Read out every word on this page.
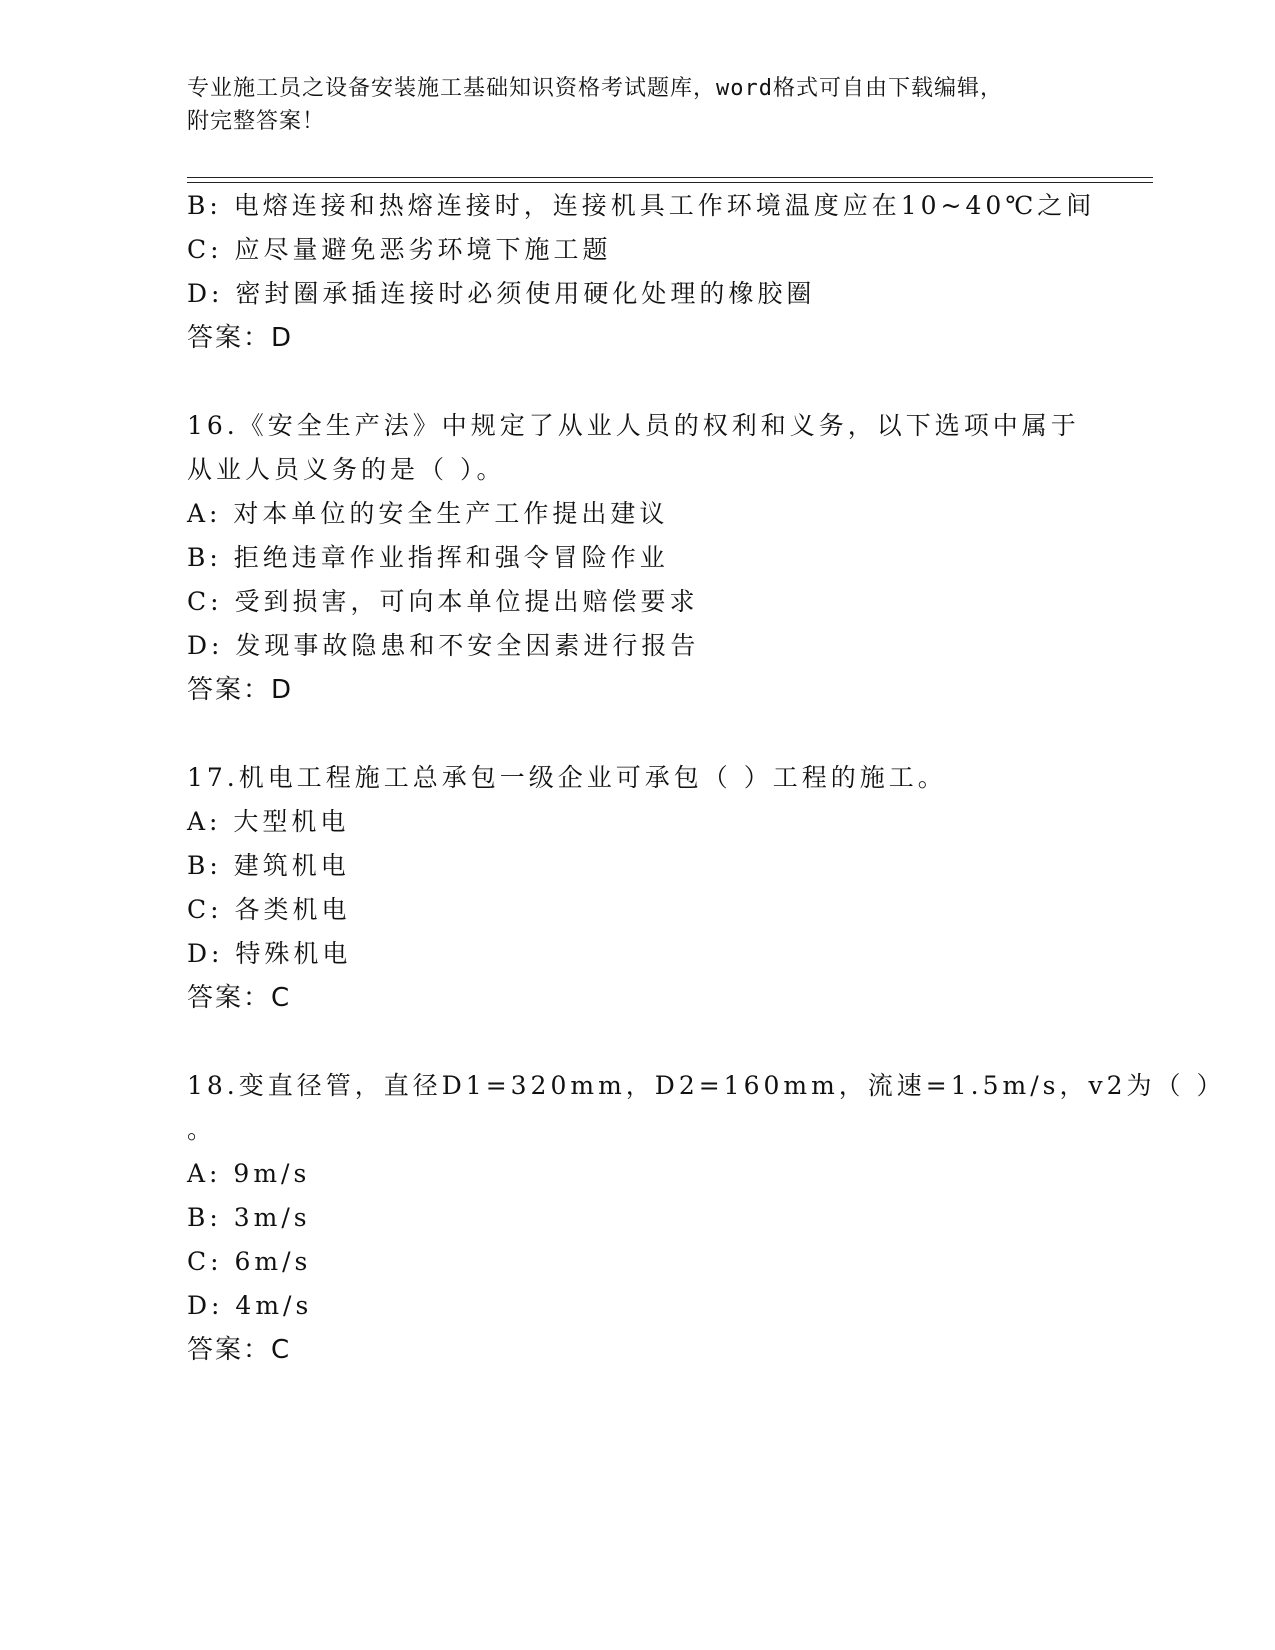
专业施工员之设备安装施工基础知识资格考试题库，word格式可自由下载编辑，
附完整答案！
B: 电熔连接和热熔连接时，连接机具工作环境温度应在10~40℃之间
C: 应尽量避免恶劣环境下施工题
D: 密封圈承插连接时必须使用硬化处理的橡胶圈
答案：D
16.《安全生产法》中规定了从业人员的权利和义务，以下选项中属于
从业人员义务的是（ ）。
A: 对本单位的安全生产工作提出建议
B: 拒绝违章作业指挥和强令冒险作业
C: 受到损害，可向本单位提出赔偿要求
D: 发现事故隐患和不安全因素进行报告
答案：D
17.机电工程施工总承包一级企业可承包（ ）工程的施工。
A: 大型机电
B: 建筑机电
C: 各类机电
D: 特殊机电
答案：C
18.变直径管，直径D1=320mm，D2=160mm，流速=1.5m/s，v2为（ ）
。
A: 9m/s
B: 3m/s
C: 6m/s
D: 4m/s
答案：C
